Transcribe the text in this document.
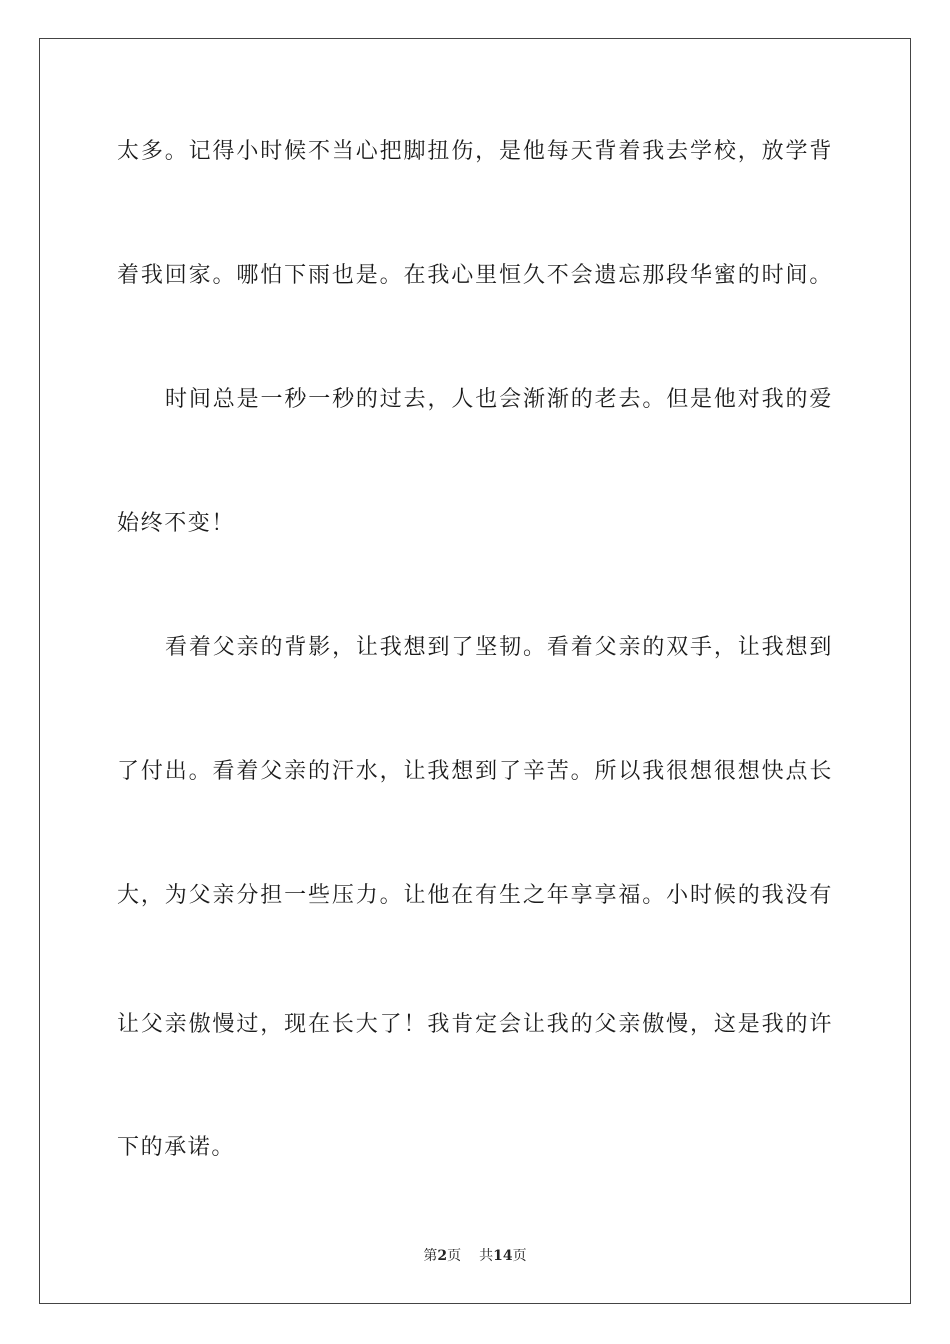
太多。记得小时候不当心把脚扭伤，是他每天背着我去学校，放学背
着我回家。哪怕下雨也是。在我心里恒久不会遗忘那段华蜜的时间。
时间总是一秒一秒的过去，人也会渐渐的老去。但是他对我的爱
始终不变！
看着父亲的背影，让我想到了坚韧。看着父亲的双手，让我想到
了付出。看着父亲的汗水，让我想到了辛苦。所以我很想很想快点长
大，为父亲分担一些压力。让他在有生之年享享福。小时候的我没有
让父亲傲慢过，现在长大了！我肯定会让我的父亲傲慢，这是我的许
下的承诺。
第2页 共14页
